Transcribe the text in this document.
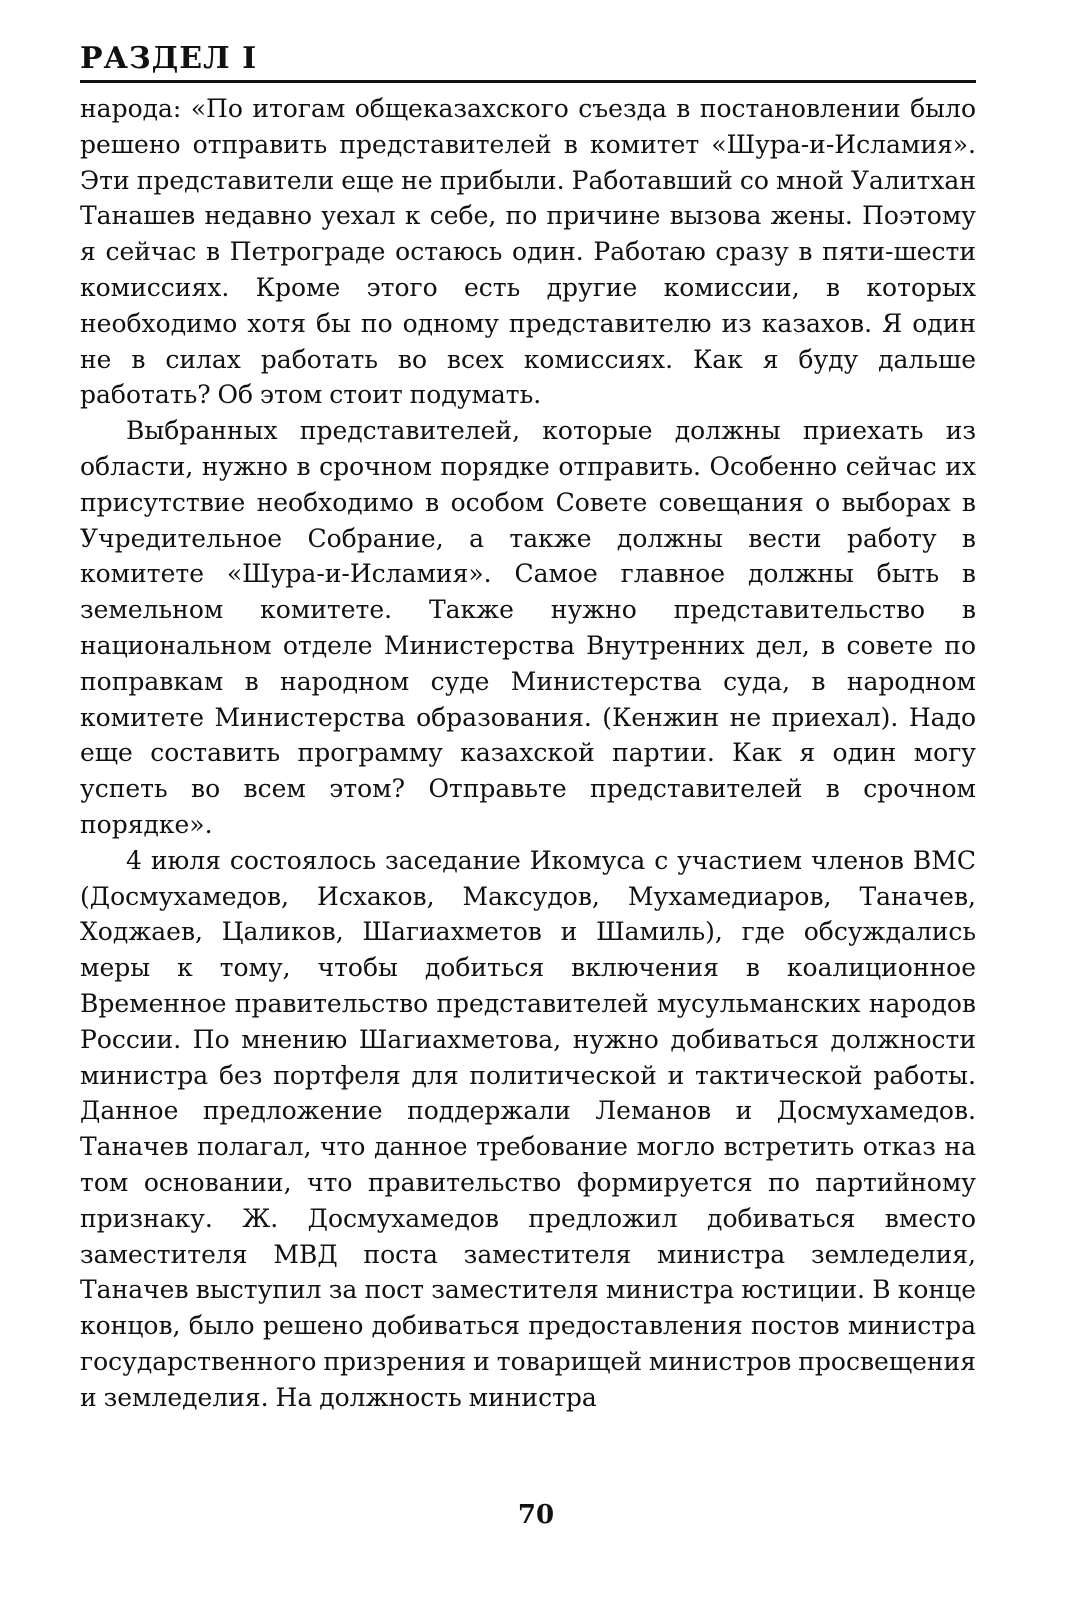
РАЗДЕЛ I

народа: «По итогам общеказахского съезда в постановлении было решено отправить представителей в комитет «Шура-и-Исламия». Эти представители еще не прибыли. Работавший со мной Уалитхан Танашев недавно уехал к себе, по причине вызова жены. Поэтому я сейчас в Петрограде остаюсь один. Работаю сразу в пяти-шести комиссиях. Кроме этого есть другие комиссии, в которых необходимо хотя бы по одному представителю из казахов. Я один не в силах работать во всех комиссиях. Как я буду дальше работать? Об этом стоит подумать.

Выбранных представителей, которые должны приехать из области, нужно в срочном порядке отправить. Особенно сейчас их присутствие необходимо в особом Совете совещания о выборах в Учредительное Собрание, а также должны вести работу в комитете «Шура-и-Исламия». Самое главное должны быть в земельном комитете. Также нужно представительство в национальном отделе Министерства Внутренних дел, в совете по поправкам в народном суде Министерства суда, в народном комитете Министерства образования. (Кенжин не приехал). Надо еще составить программу казахской партии. Как я один могу успеть во всем этом? Отправьте представителей в срочном порядке».

4 июля состоялось заседание Икомуса с участием членов ВМС (Досмухамедов, Исхаков, Максудов, Мухамедиаров, Таначев, Ходжаев, Цаликов, Шагиахметов и Шамиль), где обсуждались меры к тому, чтобы добиться включения в коалиционное Временное правительство представителей мусульманских народов России. По мнению Шагиахметова, нужно добиваться должности министра без портфеля для политической и тактической работы. Данное предложение поддержали Леманов и Досмухамедов. Таначев полагал, что данное требование могло встретить отказ на том основании, что правительство формируется по партийному признаку. Ж. Досмухамедов предложил добиваться вместо заместителя МВД поста заместителя министра земледелия, Таначев выступил за пост заместителя министра юстиции. В конце концов, было решено добиваться предоставления постов министра государственного призрения и товарищей министров просвещения и земледелия. На должность министра

70
